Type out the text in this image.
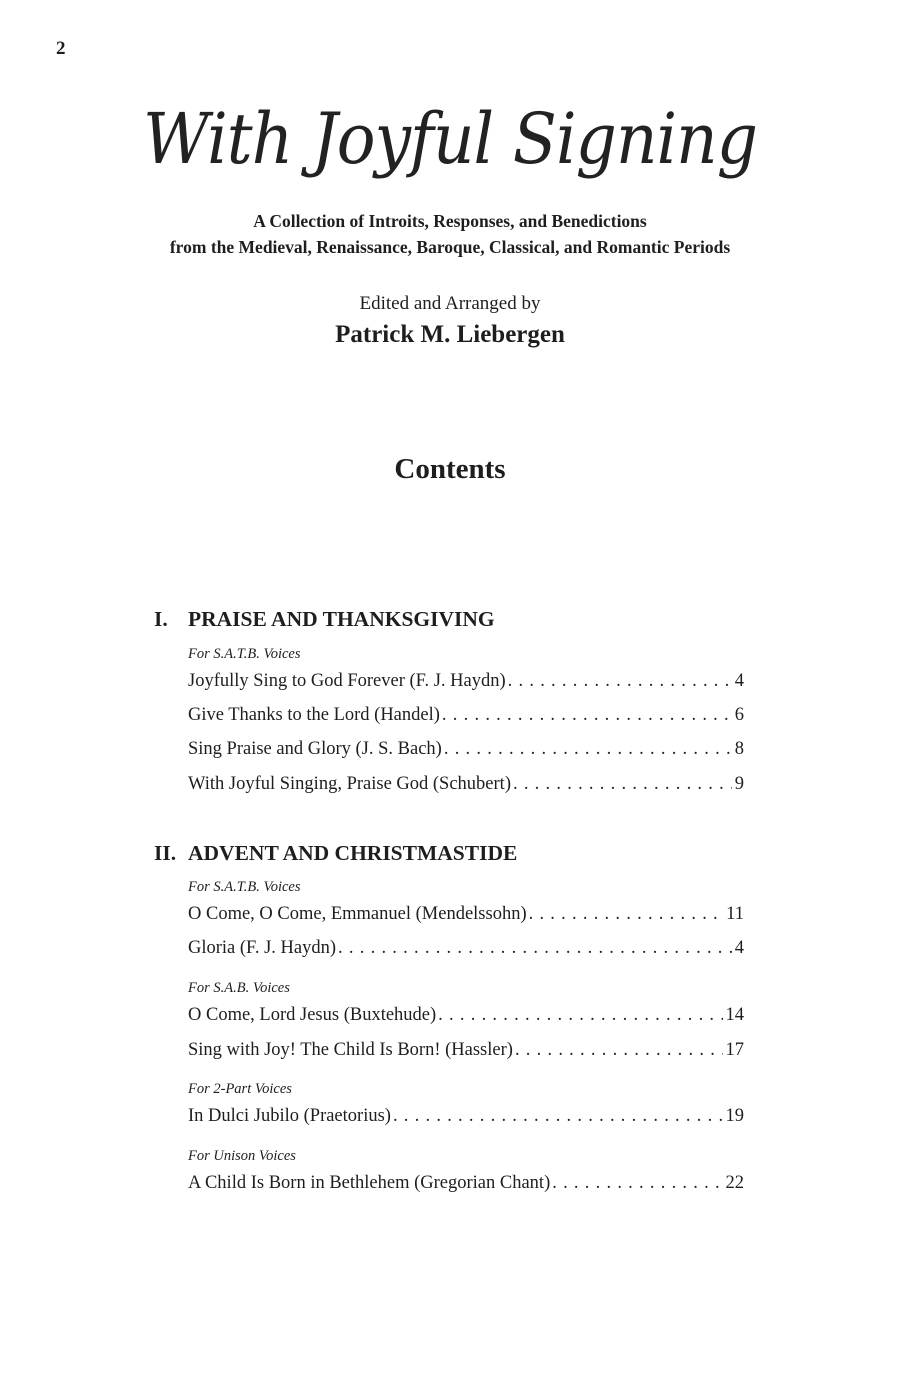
2
With Joyful Signing
A Collection of Introits, Responses, and Benedictions
from the Medieval, Renaissance, Baroque, Classical, and Romantic Periods
Edited and Arranged by
Patrick M. Liebergen
Contents
I. PRAISE AND THANKSGIVING
For S.A.T.B. Voices
Joyfully Sing to God Forever (F. J. Haydn) . . .	4
Give Thanks to the Lord (Handel) . . .	6
Sing Praise and Glory (J. S. Bach) . . .	8
With Joyful Singing, Praise God (Schubert) . . .	9
II. ADVENT AND CHRISTMASTIDE
For S.A.T.B. Voices
O Come, O Come, Emmanuel (Mendelssohn) . . .	11
Gloria (F. J. Haydn) . . .	4
For S.A.B. Voices
O Come, Lord Jesus (Buxtehude) . . .	14
Sing with Joy! The Child Is Born! (Hassler) . . .	17
For 2-Part Voices
In Dulci Jubilo (Praetorius) . . .	19
For Unison Voices
A Child Is Born in Bethlehem (Gregorian Chant) . . .	22
